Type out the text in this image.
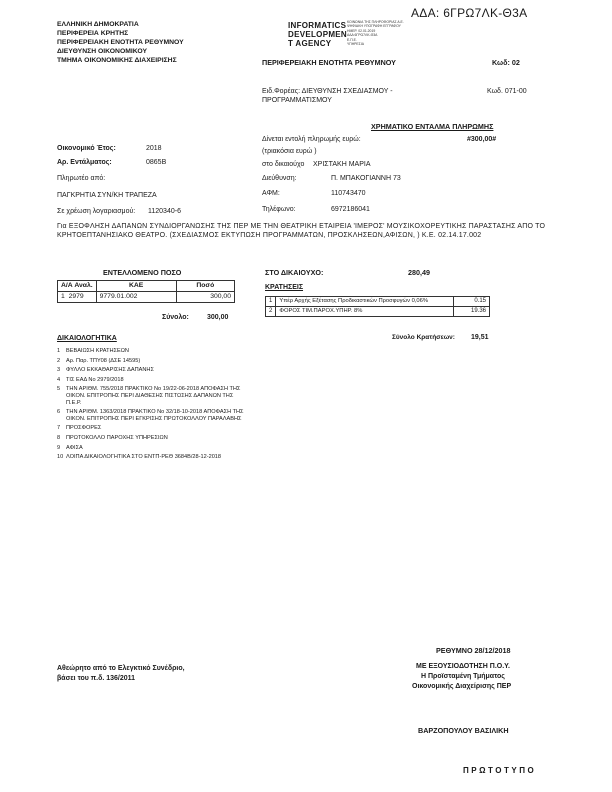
ΑΔΑ: 6ΓΡΩ7ΛΚ-Θ3Α
ΕΛΛΗΝΙΚΗ ΔΗΜΟΚΡΑΤΙΑ
ΠΕΡΙΦΕΡΕΙΑ ΚΡΗΤΗΣ
ΠΕΡΙΦΕΡΕΙΑΚΗ ΕΝΟΤΗΤΑ ΡΕΘΥΜΝΟΥ
ΔΙΕΥΘΥΝΣΗ ΟΙΚΟΝΟΜΙΚΟΥ
ΤΜΗΜΑ ΟΙΚΟΝΟΜΙΚΗΣ ΔΙΑΧΕΙΡΙΣΗΣ
INFORMATICS
DEVELOPMEN
T AGENCY
ΚΟΙΝΩΝΙΑ ΤΗΣ ΠΛΗΡΟΦΟΡΙΑΣ Α.Ε.
ΨΗΦΙΑΚΗ ΥΠΟΓΡΑΦΗ ΕΓΓΡΑΦΟΥ
ΗΜΕΡ. 02.01.2019
ΑΔΑ 6ΓΡΩ7ΛΚ-Θ3Α
Ε.Π.Ε.
ΥΠΗΡΕΣΙΑ
ΠΕΡΙΦΕΡΕΙΑΚΗ ΕΝΟΤΗΤΑ ΡΕΘΥΜΝΟΥ	Κωδ: 02
Ειδ.Φορέας: ΔΙΕΥΘΥΝΣΗ ΣΧΕΔΙΑΣΜΟΥ -
ΠΡΟΓΡΑΜΜΑΤΙΣΜΟΥ
Κωδ. 071-00
ΧΡΗΜΑΤΙΚΟ ΕΝΤΑΛΜΑ ΠΛΗΡΩΜΗΣ
Οικονομικό Έτος:	2018
Αρ. Εντάλματος:	0865Β
Πληρωτέο από:
ΠΑΓΚΡΗΤΙΑ ΣΥΝ/ΚΗ ΤΡΑΠΕΖΑ
Σε χρέωση λογαριασμού: 1120340-6
Δίνεται εντολή πληρωμής ευρώ:	#300,00#
(τριακόσια ευρώ )
στο δικαιούχο ΧΡΙΣΤΑΚΗ ΜΑΡΙΑ
Διεύθυνση:	Π. ΜΠΑΚΟΓΙΑΝΝΗ 73
ΑΦΜ:	110743470
Τηλέφωνο:	6972186041
Για ΕΞΟΦΛΗΣΗ ΔΑΠΑΝΩΝ ΣΥΝΔΙΟΡΓΑΝΩΣΗΣ ΤΗΣ ΠΕΡ ΜΕ ΤΗΝ ΘΕΑΤΡΙΚΗ ΕΤΑΙΡΕΙΑ 'ΙΜΕΡΟΣ' ΜΟΥΣΙΚΟΧΟΡΕΥΤΙΚΗΣ ΠΑΡΑΣΤΑΣΗΣ ΑΠΟ ΤΟ ΚΡΗΤΟΕΠΤΑΝΗΣΙΑΚΟ ΘΕΑΤΡΟ. (ΣΧΕΔΙΑΣΜΟΣ ΕΚΤΥΠΩΣΗ ΠΡΟΓΡΑΜΜΑΤΩΝ, ΠΡΟΣΚΛΗΣΕΩΝ,ΑΦΙΣΩΝ, ) Κ.Ε. 02.14.17.002
ΕΝΤΕΛΛΟΜΕΝΟ ΠΟΣΟ
Α/Α Αναλ.	ΚΑΕ	Ποσό
1 2979	9779.01.002	300,00
Σύνολο:	300,00
ΣΤΟ ΔΙΚΑΙΟΥΧΟ:	280,49
ΚΡΑΤΗΣΕΙΣ
1	Υπέρ Αρχής Εξέτασης Προδικαστικών Προσφυγών 0,06%	0.15
2	ΦΟΡΟΣ ΤΙΜ.ΠΑΡΟΧ.ΥΠΗΡ. 8%	19.36
Σύνολο Κρατήσεων: 19,51
ΔΙΚΑΙΟΛΟΓΗΤΙΚΑ
1	ΒΕΒΑΙΩΣΗ ΚΡΑΤΗΣΕΩΝ
2	Αρ. Παρ. ΤΠΥ08 (ΔΣΕ 14595)
3	ΦΥΛΛΟ ΕΚΚΑΘΑΡΙΣΗΣ ΔΑΠΑΝΗΣ
4	ΤΙΣ ΕΑΔ Νο 2979/2018
5	ΤΗΝ ΑΡΙΘΜ. 755/2018 ΠΡΑΚΤΙΚΟ Νο 19/22-06-2018 ΑΠΟΦΑΣΗ ΤΗΣ ΟΙΚΟΝ. ΕΠΙΤΡΟΠΗΣ ΠΕΡΙ ΔΙΑΘΕΣΗΣ ΠΙΣΤΩΣΗΣ ΔΑΠΑΝΩΝ ΤΗΣ Π.Ε.Ρ.
6	ΤΗΝ ΑΡΙΘΜ. 1363/2018 ΠΡΑΚΤΙΚΟ Νο 32/18-10-2018 ΑΠΟΦΑΣΗ ΤΗΣ ΟΙΚΟΝ. ΕΠΙΤΡΟΠΗΣ ΠΕΡΙ ΕΓΚΡΙΣΗΣ ΠΡΩΤΟΚΟΛΛΟΥ ΠΑΡΑΛΑΒΗΣ
7	ΠΡΟΣΦΟΡΕΣ
8	ΠΡΩΤΟΚΟΛΛΟ ΠΑΡΟΧΗΣ ΥΠΗΡΕΣΙΩΝ
9	ΑΦΙΣΑ
10 ΛΟΙΠΑ ΔΙΚΑΙΟΛΟΓΗΤΙΚΑ ΣΤΟ ΕΝΤΠ-ΡΕΘ 3684Β/28-12-2018
Αθεώρητο από το Ελεγκτικό Συνέδριο,
βάσει του π.δ. 136/2011
ΡΕΘΥΜΝΟ 28/12/2018
ΜΕ ΕΞΟΥΣΙΟΔΟΤΗΣΗ Π.Ο.Υ.
Η Προϊσταμένη Τμήματος
Οικονομικής Διαχείρισης ΠΕΡ
ΒΑΡΖΟΠΟΥΛΟΥ ΒΑΣΙΛΙΚΗ
ΠΡΩΤΟΤΥΠΟ
